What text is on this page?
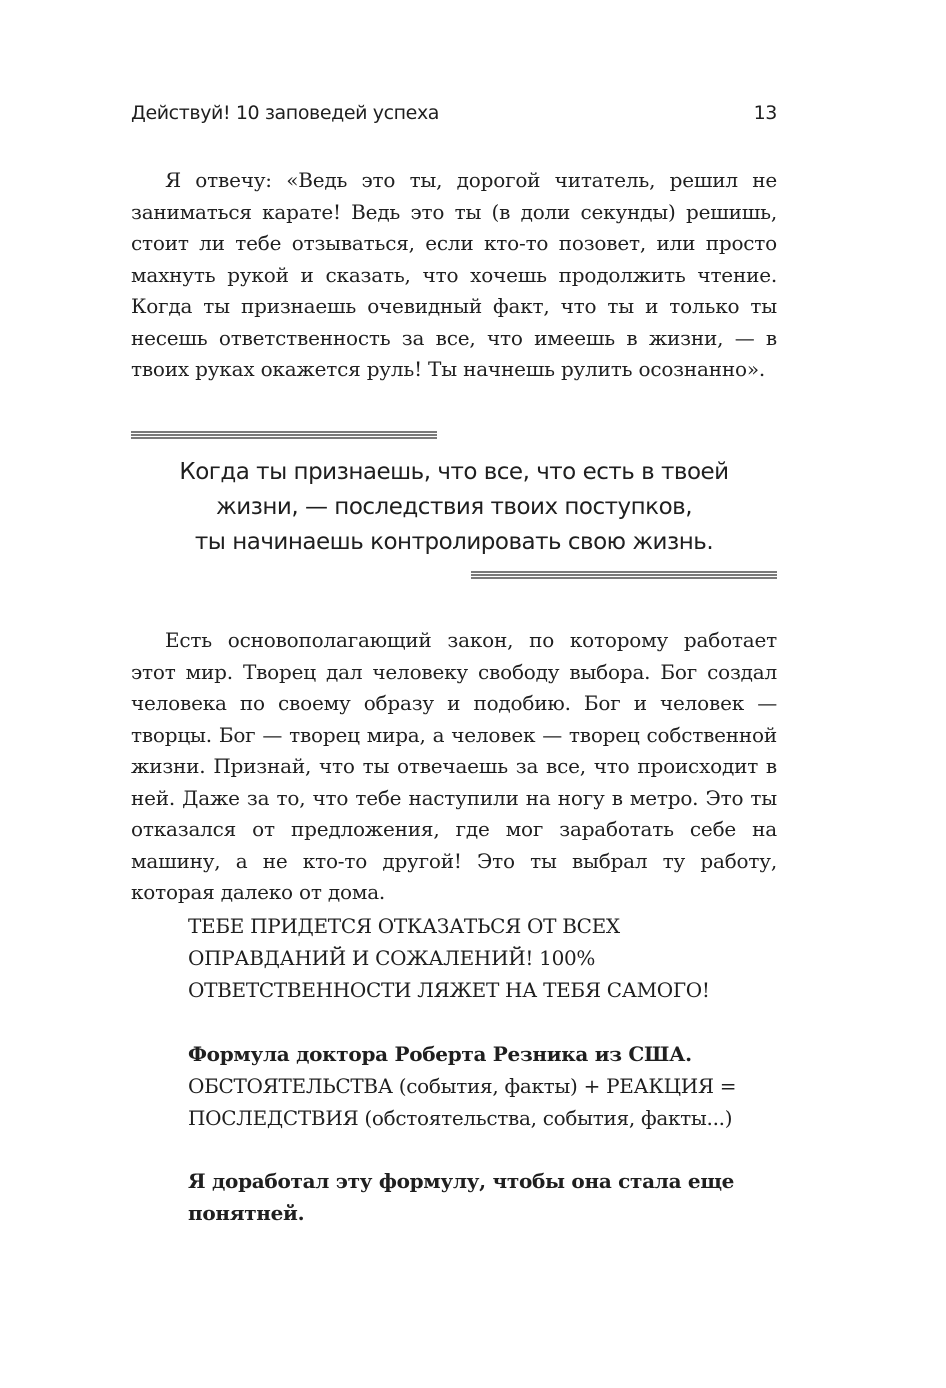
Действуй! 10 заповедей успеха	13

Я отвечу: «Ведь это ты, дорогой читатель, решил не заниматься карате! Ведь это ты (в доли секунды) решишь, стоит ли тебе отзываться, если кто-то позовет, или просто махнуть рукой и сказать, что хочешь продолжить чтение. Когда ты признаешь очевидный факт, что ты и только ты несешь ответственность за все, что имеешь в жизни, — в твоих руках окажется руль! Ты начнешь рулить осознанно».

Когда ты признаешь, что все, что есть в твоей
жизни, — последствия твоих поступков,
ты начинаешь контролировать свою жизнь.

Есть основополагающий закон, по которому работает этот мир. Творец дал человеку свободу выбора. Бог создал человека по своему образу и подобию. Бог и человек — творцы. Бог — творец мира, а человек — творец собственной жизни. Признай, что ты отвечаешь за все, что происходит в ней. Даже за то, что тебе наступили на ногу в метро. Это ты отказался от предложения, где мог заработать себе на машину, а не кто-то другой! Это ты выбрал ту работу, которая далеко от дома.

ТЕБЕ ПРИДЕТСЯ ОТКАЗАТЬСЯ ОТ ВСЕХ
ОПРАВДАНИЙ И СОЖАЛЕНИЙ! 100%
ОТВЕТСТВЕННОСТИ ЛЯЖЕТ НА ТЕБЯ САМОГО!
Формула доктора Роберта Резника из США.
ОБСТОЯТЕЛЬСТВА (события, факты) + РЕАКЦИЯ =
ПОСЛЕДСТВИЯ (обстоятельства, события, факты...)
Я доработал эту формулу, чтобы она стала еще
понятней.
